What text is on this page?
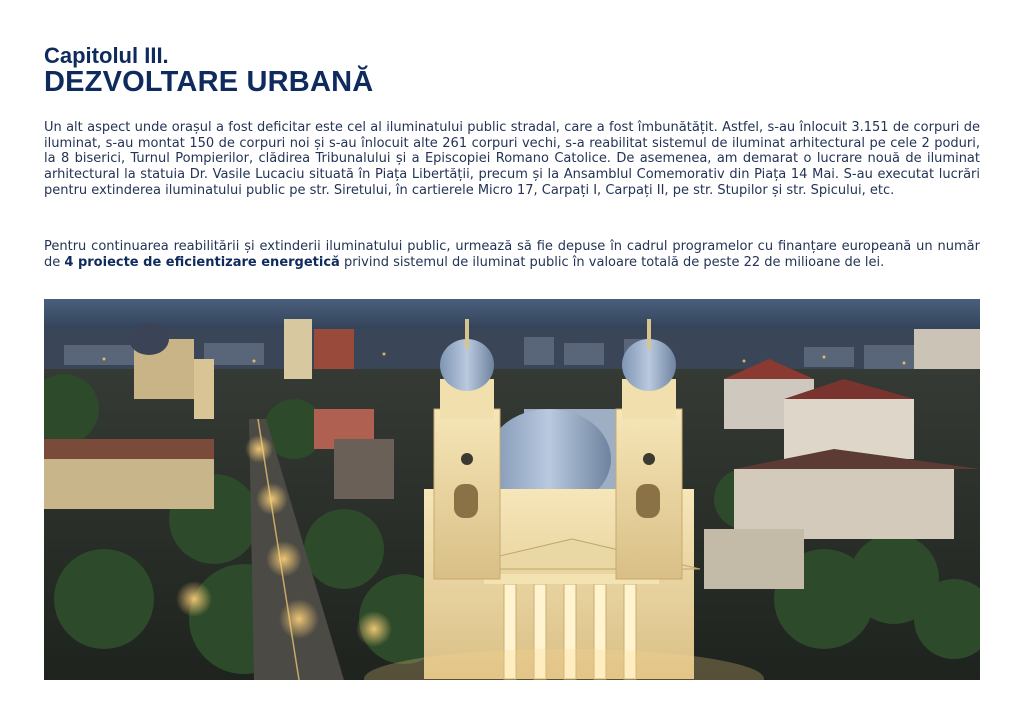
Capitolul III.
DEZVOLTARE URBANĂ

Un alt aspect unde orașul a fost deficitar este cel al iluminatului public stradal, care a fost îmbunătățit. Astfel, s-au înlocuit 3.151 de corpuri de iluminat, s-au montat 150 de corpuri noi și s-au înlocuit alte 261 corpuri vechi, s-a reabilitat sistemul de iluminat arhitectural pe cele 2 poduri, la 8 biserici, Turnul Pompierilor, clădirea Tribunalului și a Episcopiei Romano Catolice. De asemenea, am demarat o lucrare nouă de iluminat arhitectural la statuia Dr. Vasile Lucaciu situată în Piața Libertății, precum și la Ansamblul Comemorativ din Piața 14 Mai. S-au executat lucrări pentru extinderea iluminatului public pe str. Siretului, în cartierele Micro 17, Carpați I, Carpați II, pe str. Stupilor și str. Spicului, etc.

Pentru continuarea reabilitării și extinderii iluminatului public, urmează să fie depuse în cadrul programelor cu finanțare europeană un număr de 4 proiecte de eficientizare energetică privind sistemul de iluminat public în valoare totală de peste 22 de milioane de lei.
